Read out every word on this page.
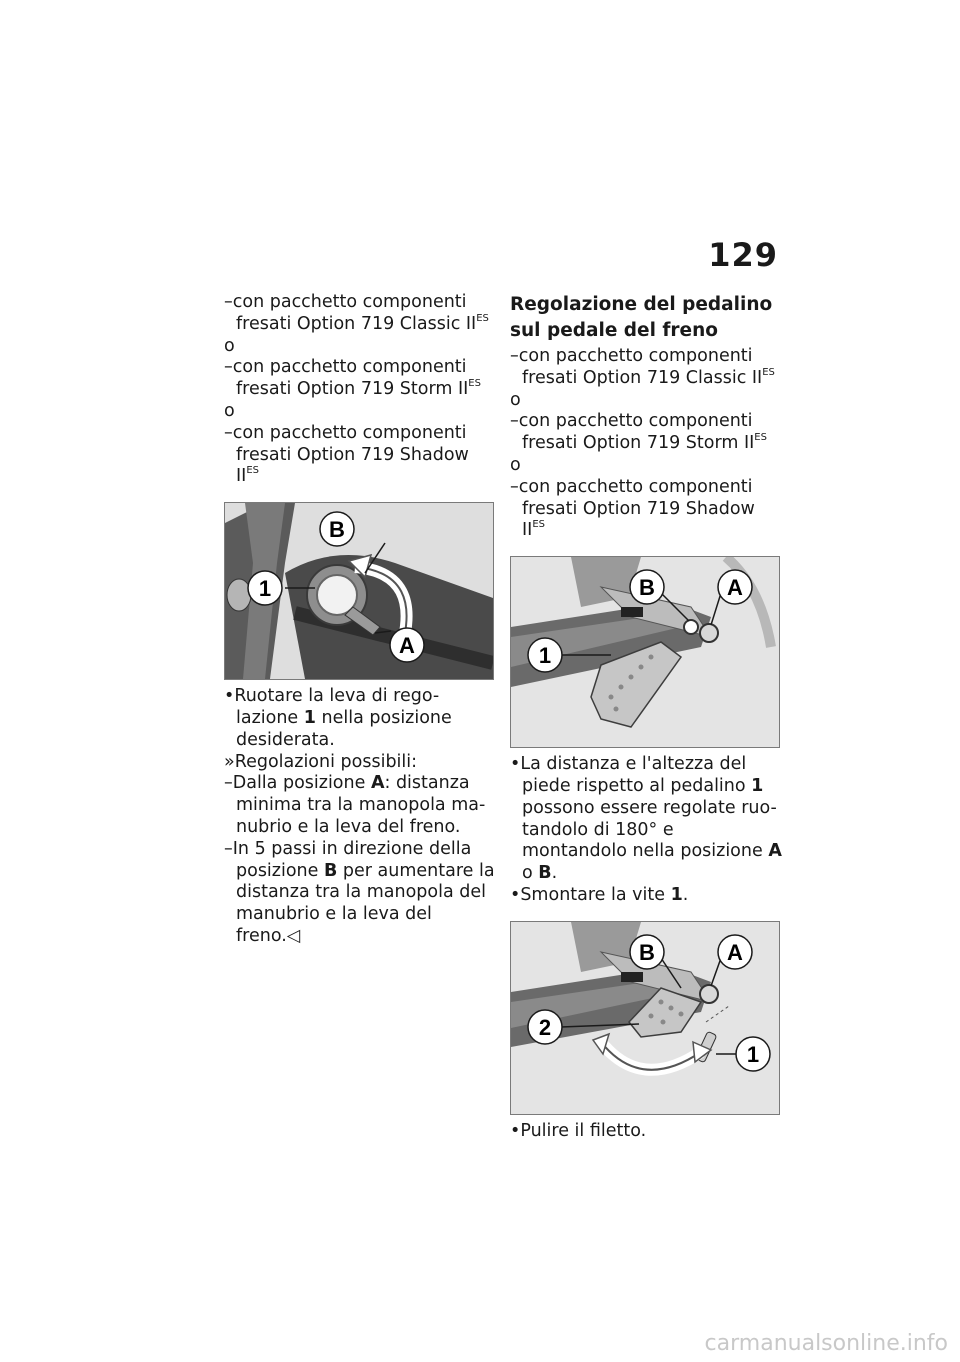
129
–con pacchetto componenti fresati Option 719 Classic $II^{ES}$
o
–con pacchetto componenti fresati Option 719 Storm $II^{ES}$
o
–con pacchetto componenti fresati Option 719 Shadow $II^{ES}$
B
1
A
•Ruotare la leva di rego-lazione 1 nella posizione desiderata.
»Regolazioni possibili:
–Dalla posizione A: distanza minima tra la manopola ma-nubrio e la leva del freno.
–In 5 passi in direzione della posizione B per aumentare la distanza tra la manopola del manubrio e la leva del freno.◁
Regolazione del pedalino sul pedale del freno
–con pacchetto componenti fresati Option 719 Classic $II^{ES}$
o
–con pacchetto componenti fresati Option 719 Storm $II^{ES}$
o
–con pacchetto componenti fresati Option 719 Shadow $II^{ES}$
B	A
1
•La distanza e l'altezza del piede rispetto al pedalino 1 possono essere regolate ruo-tandolo di 180° e montandolo nella posizione A o B.
•Smontare la vite 1.
B	A
2
1
•Pulire il filetto.
carmanualsonline.info
